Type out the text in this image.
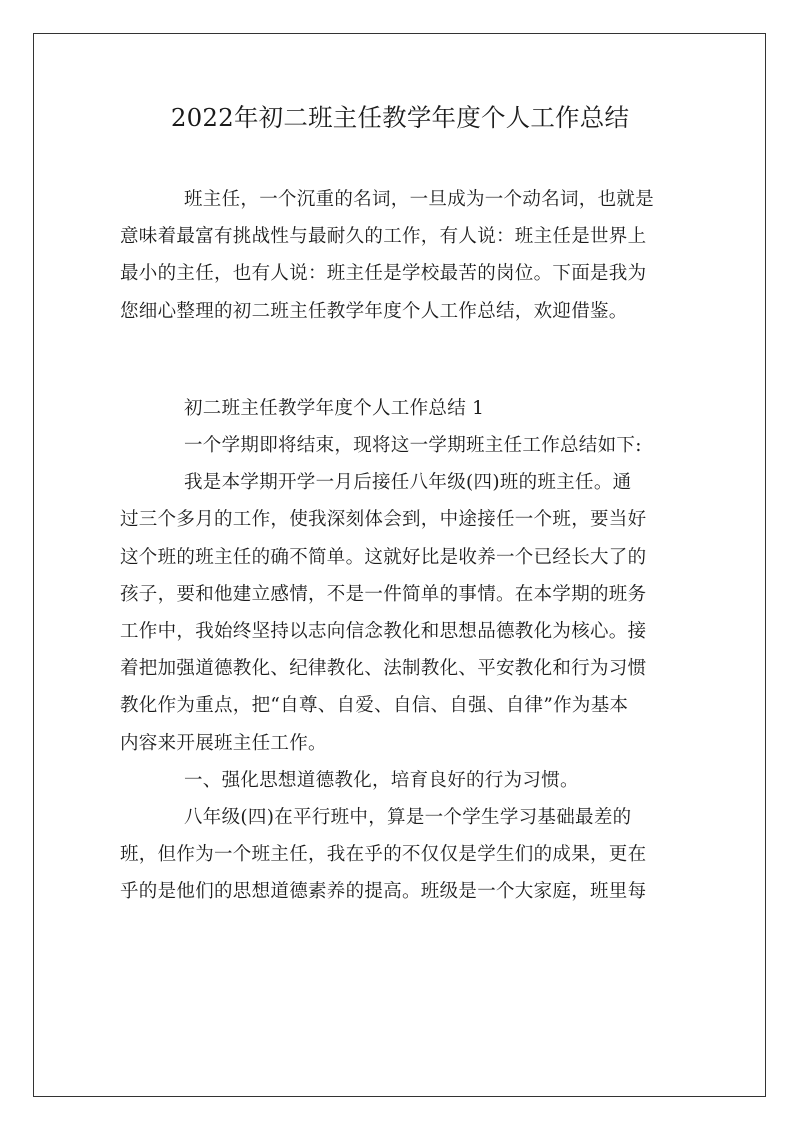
2022年初二班主任教学年度个人工作总结
班主任，一个沉重的名词，一旦成为一个动名词，也就是
意味着最富有挑战性与最耐久的工作，有人说：班主任是世界上
最小的主任，也有人说：班主任是学校最苦的岗位。下面是我为
您细心整理的初二班主任教学年度个人工作总结，欢迎借鉴。
初二班主任教学年度个人工作总结 1
一个学期即将结束，现将这一学期班主任工作总结如下:
我是本学期开学一月后接任八年级(四)班的班主任。通
过三个多月的工作，使我深刻体会到，中途接任一个班，要当好
这个班的班主任的确不简单。这就好比是收养一个已经长大了的
孩子，要和他建立感情，不是一件简单的事情。在本学期的班务
工作中，我始终坚持以志向信念教化和思想品德教化为核心。接
着把加强道德教化、纪律教化、法制教化、平安教化和行为习惯
教化作为重点，把“自尊、自爱、自信、自强、自律”作为基本
内容来开展班主任工作。
一、强化思想道德教化，培育良好的行为习惯。
八年级(四)在平行班中，算是一个学生学习基础最差的
班，但作为一个班主任，我在乎的不仅仅是学生们的成果，更在
乎的是他们的思想道德素养的提高。班级是一个大家庭，班里每
